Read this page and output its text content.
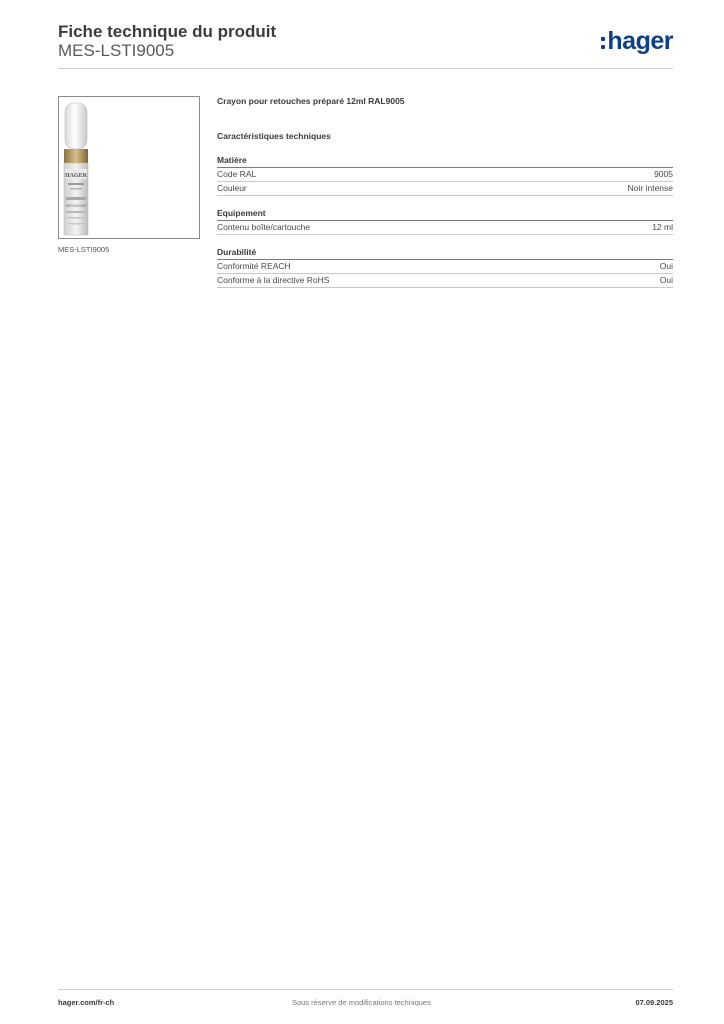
Fiche technique du produit
MES-LSTI9005	hager
HAGER
RETOUCHE
MES-LSTI9005
Crayon pour retouches préparé 12ml RAL9005
Caractéristiques techniques
Matière
Code RAL	9005
Couleur	Noir intense
Equipement
Contenu boîte/cartouche	12 ml
Durabilité
Conformité REACH	Oui
Conforme à la directive RoHS	Oui
hager.com/fr-ch	Sous réserve de modifications techniques	07.09.2025
